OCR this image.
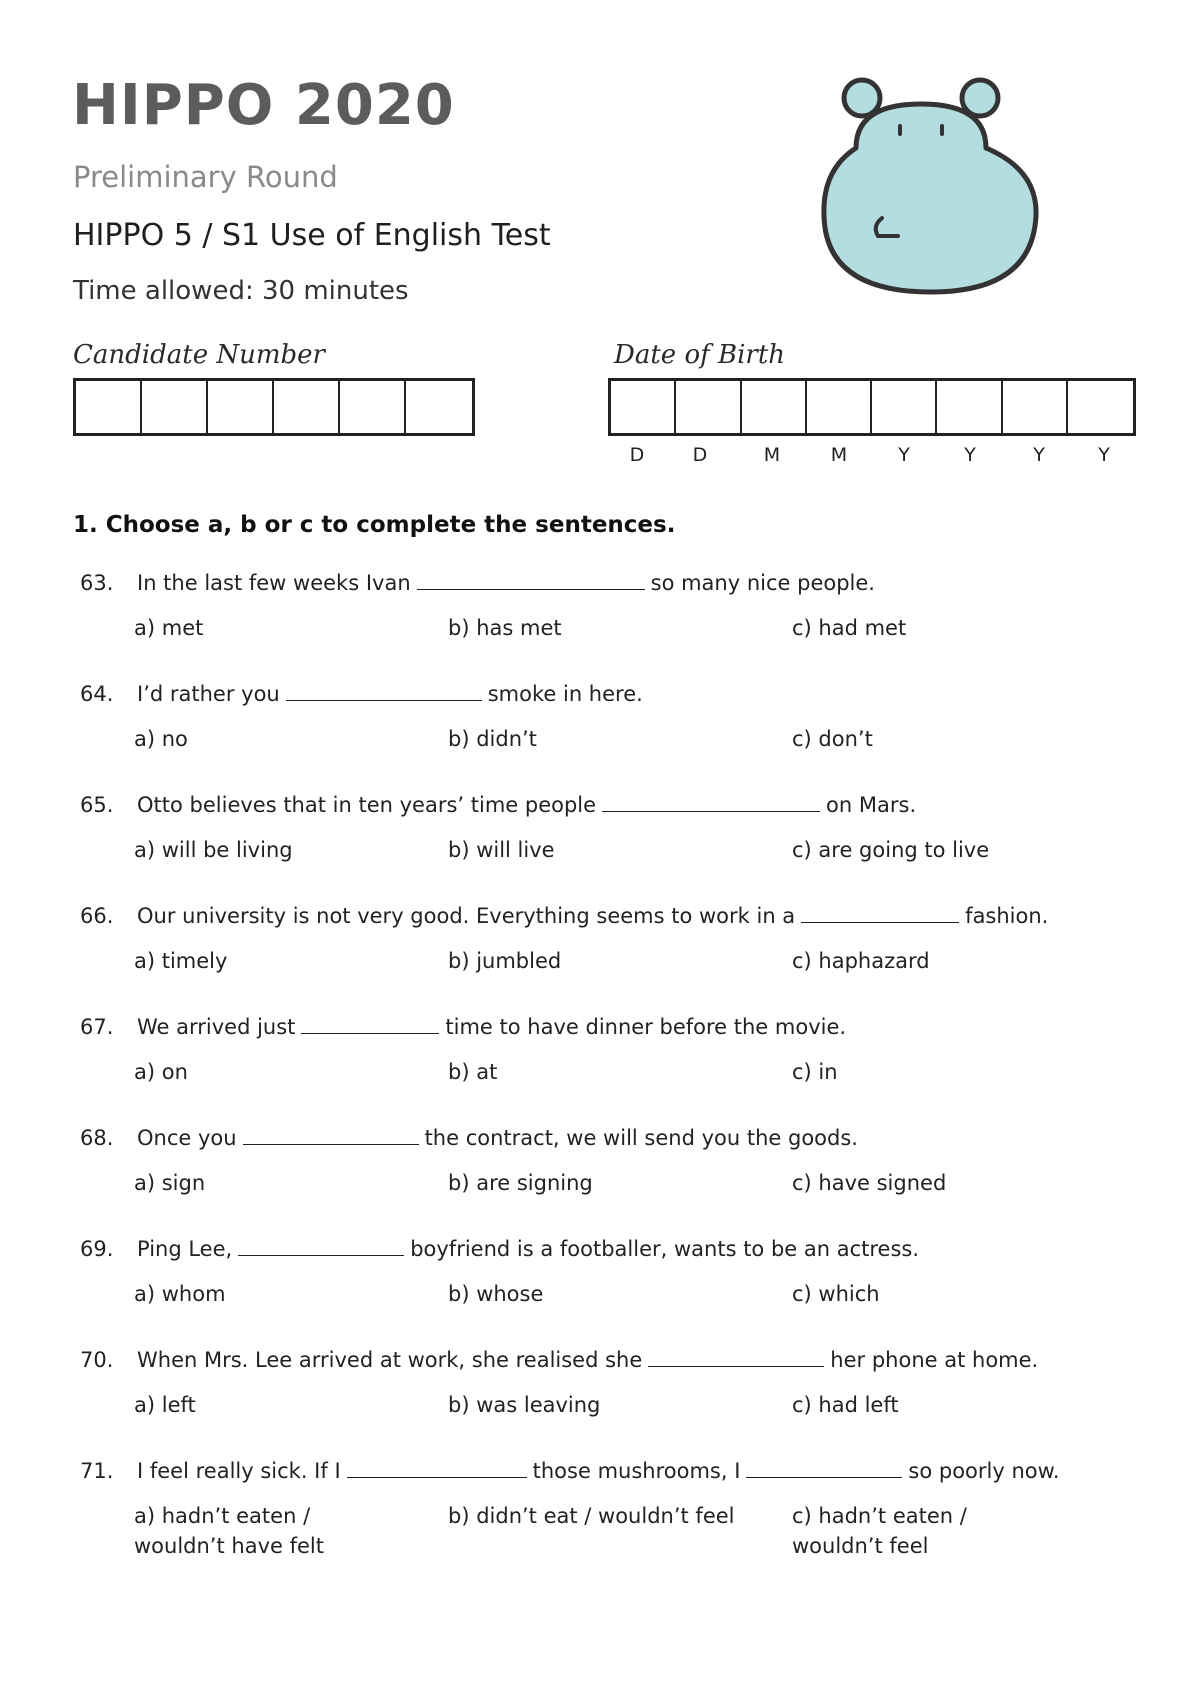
HIPPO 2020
Preliminary Round
HIPPO 5 / S1 Use of English Test
Time allowed: 30 minutes
Candidate Number	Date of Birth
D	D	M	M	Y	Y	Y	Y
1. Choose a, b or c to complete the sentences.
63. In the last few weeks Ivan	so many nice people.
a) met	b) has met	c) had met
64. I’d rather you	smoke in here.
a) no	b) didn’t	c) don’t
65. Otto believes that in ten years’ time people	on Mars.
a) will be living	b) will live	c) are going to live
66. Our university is not very good. Everything seems to work in a	fashion.
a) timely	b) jumbled	c) haphazard
67. We arrived just	time to have dinner before the movie.
a) on	b) at	c) in
68. Once you	the contract, we will send you the goods.
a) sign	b) are signing	c) have signed
69. Ping Lee,	boyfriend is a footballer, wants to be an actress.
a) whom	b) whose	c) which
70. When Mrs. Lee arrived at work, she realised she	her phone at home.
a) left	b) was leaving	c) had left
71. I feel really sick. If I	those mushrooms, I	so poorly now.
a) hadn’t eaten / wouldn’t have felt
b) didn’t eat / wouldn’t feel	c) hadn’t eaten / wouldn’t feel
